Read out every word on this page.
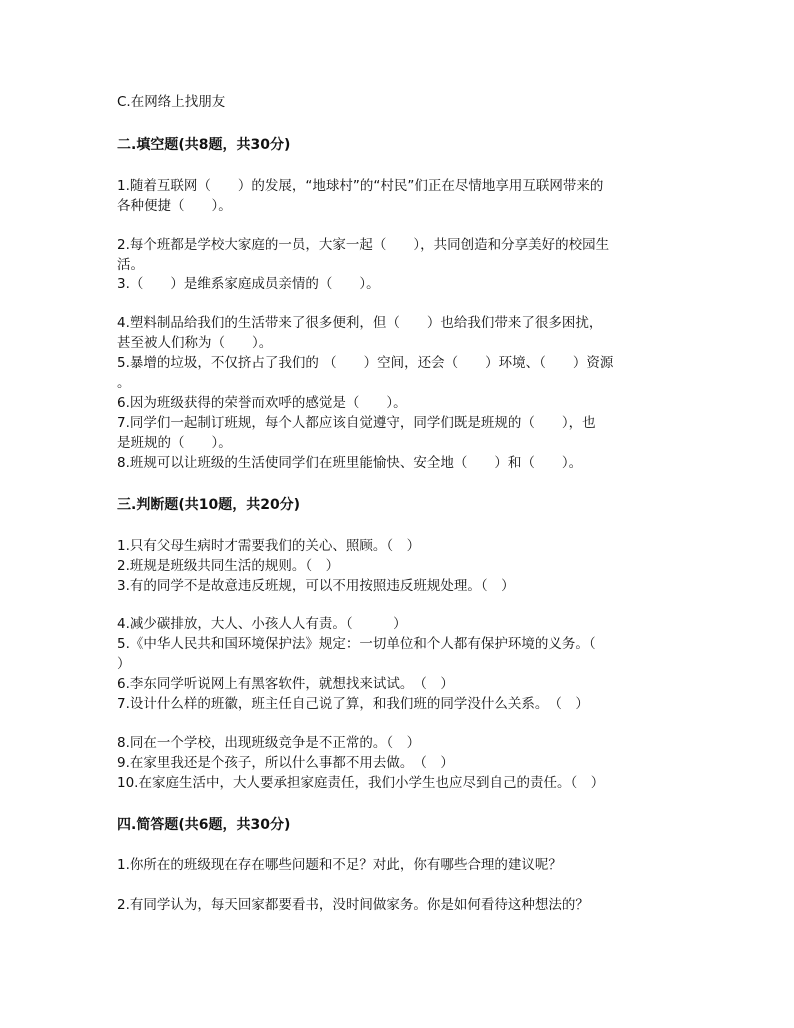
C.在网络上找朋友
二.填空题(共8题，共30分)
1.随着互联网（　　）的发展，“地球村”的“村民”们正在尽情地享用互联网带来的
各种便捷（　　）。
2.每个班都是学校大家庭的一员，大家一起（　　），共同创造和分享美好的校园生
活。
3.（　　）是维系家庭成员亲情的（　　）。
4.塑料制品给我们的生活带来了很多便利，但（　　）也给我们带来了很多困扰，
甚至被人们称为（　　）。
5.暴增的垃圾，不仅挤占了我们的 （　　）空间，还会（　　）环境、（　　）资源
。
6.因为班级获得的荣誉而欢呼的感觉是（　　）。
7.同学们一起制订班规，每个人都应该自觉遵守，同学们既是班规的（　　），也
是班规的（　　）。
8.班规可以让班级的生活使同学们在班里能愉快、安全地（　　）和（　　）。
三.判断题(共10题，共20分)
1.只有父母生病时才需要我们的关心、照顾。（　）
2.班规是班级共同生活的规则。（　）
3.有的同学不是故意违反班规，可以不用按照违反班规处理。（　）
4.减少碳排放，大人、小孩人人有责。（　　　）
5.《中华人民共和国环境保护法》规定：一切单位和个人都有保护环境的义务。（
）
6.李东同学听说网上有黑客软件，就想找来试试。　（　）
7.设计什么样的班徽，班主任自己说了算，和我们班的同学没什么关系。　（　）
8.同在一个学校，出现班级竞争是不正常的。（　）
9.在家里我还是个孩子，所以什么事都不用去做。　（　）
10.在家庭生活中，大人要承担家庭责任，我们小学生也应尽到自己的责任。（　）
四.简答题(共6题，共30分)
1.你所在的班级现在存在哪些问题和不足？对此，你有哪些合理的建议呢？
2.有同学认为，每天回家都要看书，没时间做家务。你是如何看待这种想法的？
